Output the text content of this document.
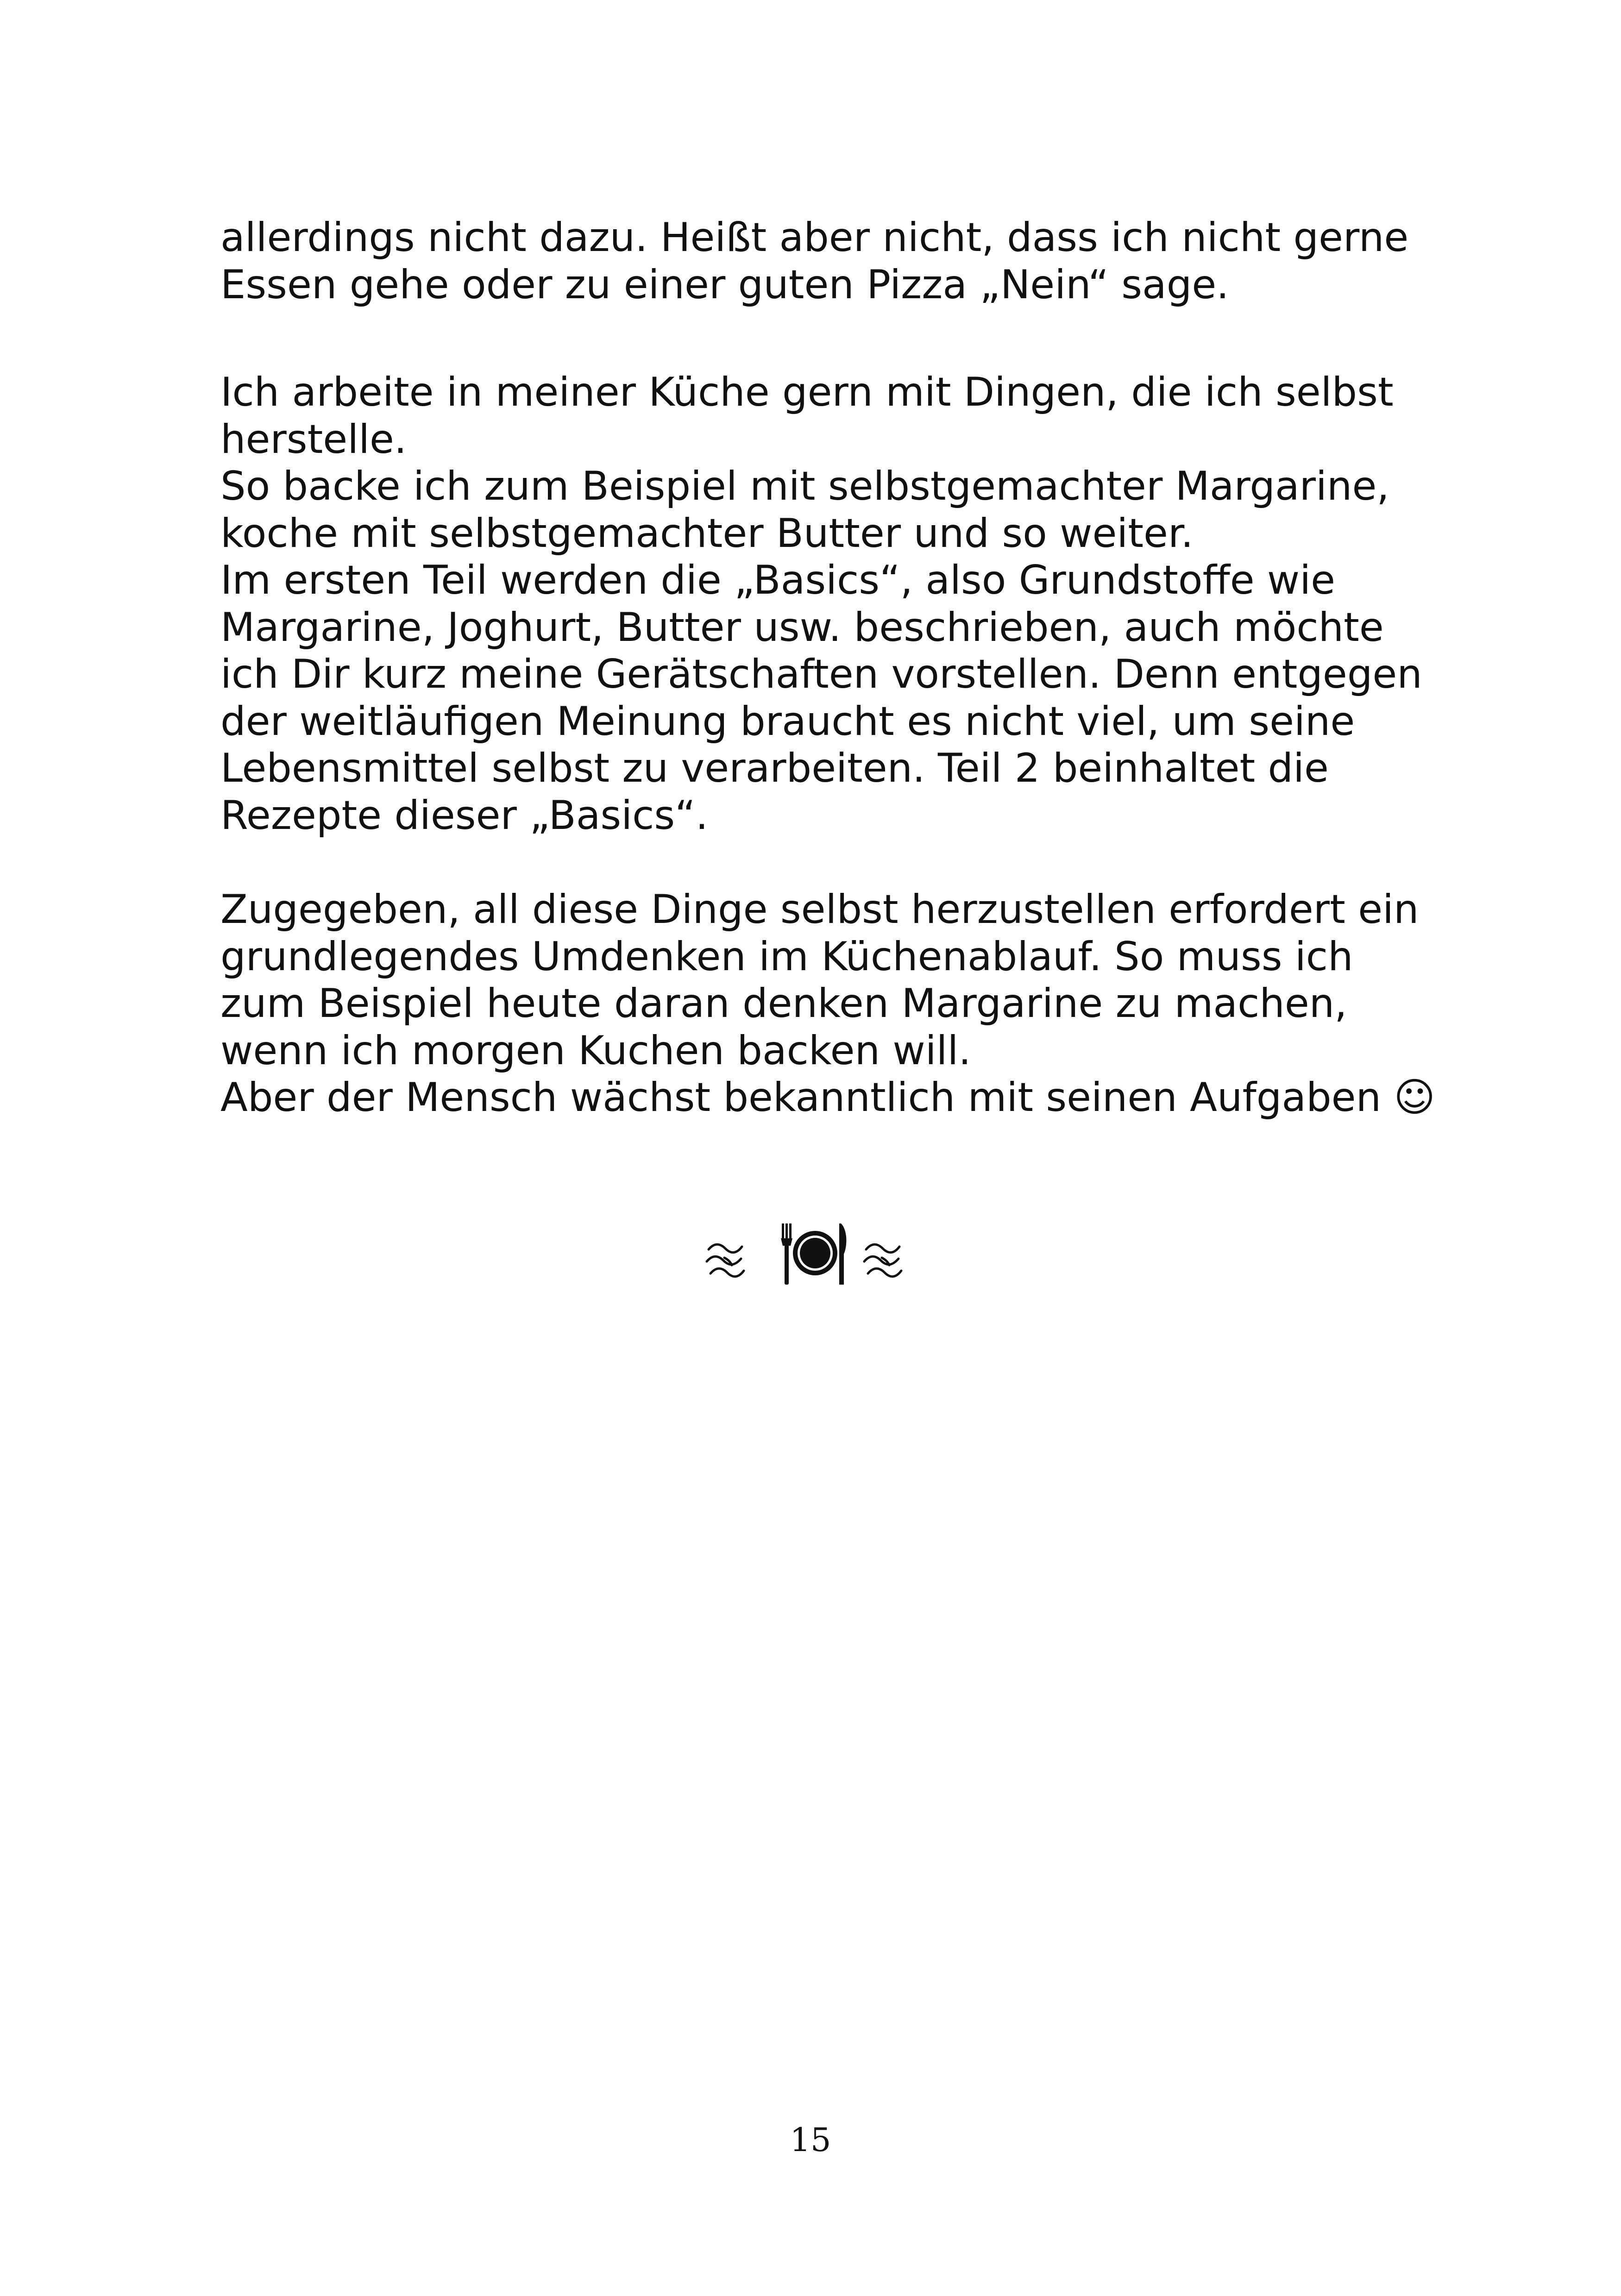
allerdings nicht dazu. Heißt aber nicht, dass ich nicht gerne
Essen gehe oder zu einer guten Pizza „Nein“ sage.
Ich arbeite in meiner Küche gern mit Dingen, die ich selbst
herstelle.
So backe ich zum Beispiel mit selbstgemachter Margarine,
koche mit selbstgemachter Butter und so weiter.
Im ersten Teil werden die „Basics“, also Grundstoffe wie
Margarine, Joghurt, Butter usw. beschrieben, auch möchte
ich Dir kurz meine Gerätschaften vorstellen. Denn entgegen
der weitläufigen Meinung braucht es nicht viel, um seine
Lebensmittel selbst zu verarbeiten. Teil 2 beinhaltet die
Rezepte dieser „Basics“.
Zugegeben, all diese Dinge selbst herzustellen erfordert ein
grundlegendes Umdenken im Küchenablauf. So muss ich
zum Beispiel heute daran denken Margarine zu machen,
wenn ich morgen Kuchen backen will.
Aber der Mensch wächst bekanntlich mit seinen Aufgaben ☺
15
